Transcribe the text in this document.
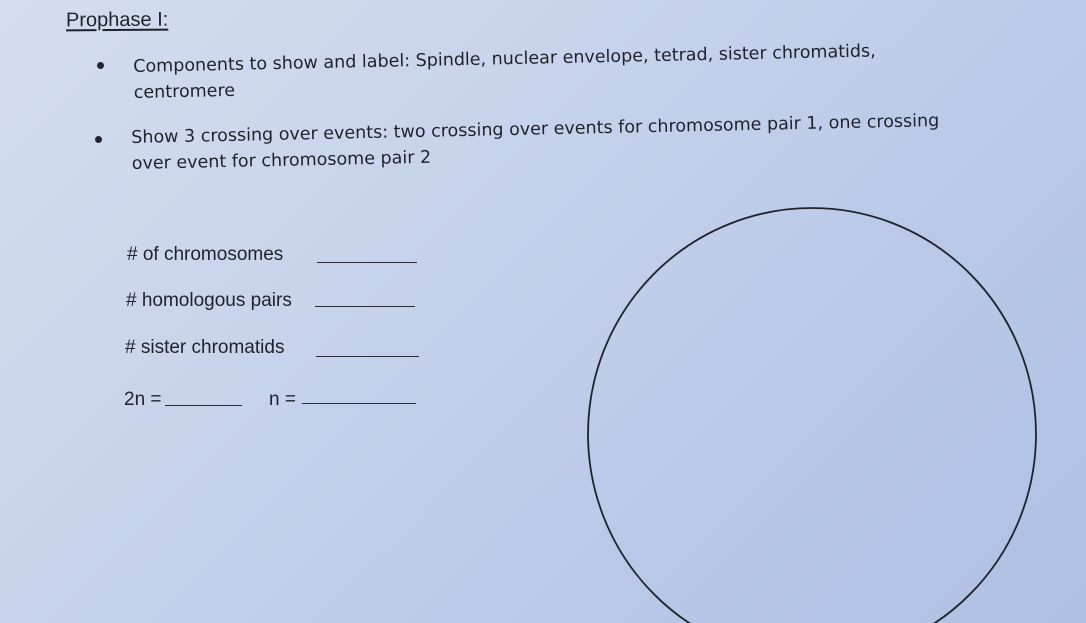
Prophase I:
Components to show and label: Spindle, nuclear envelope, tetrad, sister chromatids,
centromere
Show 3 crossing over events: two crossing over events for chromosome pair 1, one crossing
over event for chromosome pair 2
# of chromosomes
# homologous pairs
# sister chromatids
2n =	n =
